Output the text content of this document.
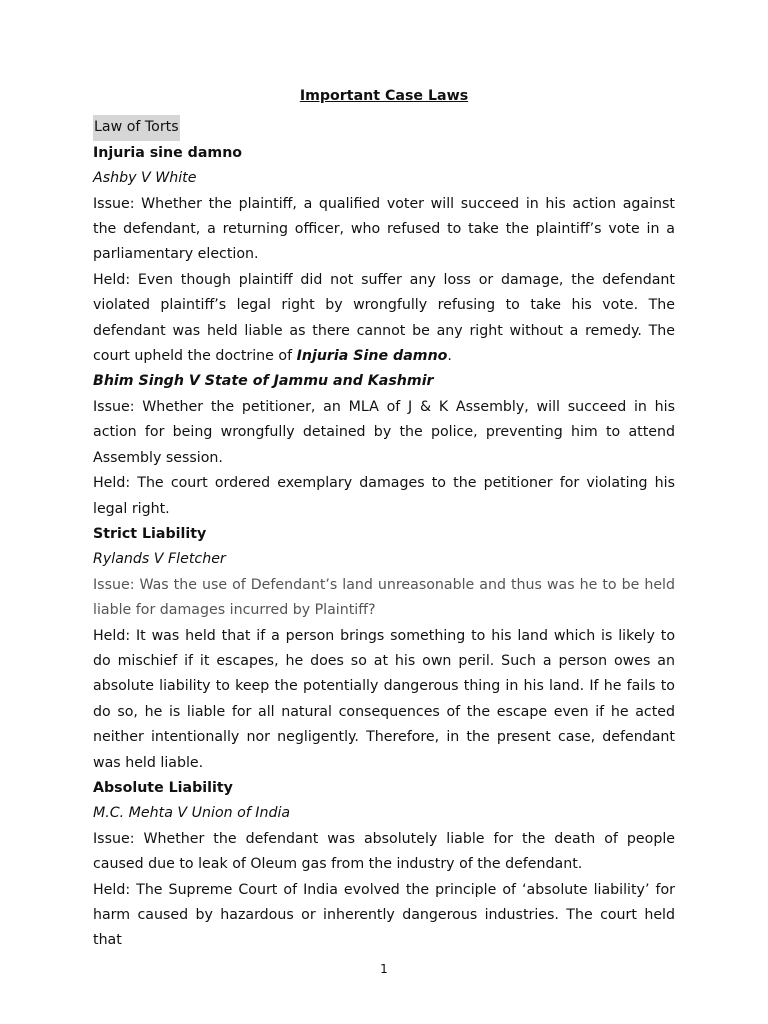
Important Case Laws

Law of Torts

Injuria sine damno

Ashby V White

Issue: Whether the plaintiff, a qualified voter will succeed in his action against the defendant, a returning officer, who refused to take the plaintiff’s vote in a parliamentary election.

Held: Even though plaintiff did not suffer any loss or damage, the defendant violated plaintiff’s legal right by wrongfully refusing to take his vote. The defendant was held liable as there cannot be any right without a remedy. The court upheld the doctrine of Injuria Sine damno.

Bhim Singh V State of Jammu and Kashmir

Issue: Whether the petitioner, an MLA of J & K Assembly, will succeed in his action for being wrongfully detained by the police, preventing him to attend Assembly session.

Held: The court ordered exemplary damages to the petitioner for violating his legal right.

Strict Liability

Rylands V Fletcher

Issue: Was the use of Defendant’s land unreasonable and thus was he to be held liable for damages incurred by Plaintiff?

Held: It was held that if a person brings something to his land which is likely to do mischief if it escapes, he does so at his own peril. Such a person owes an absolute liability to keep the potentially dangerous thing in his land. If he fails to do so, he is liable for all natural consequences of the escape even if he acted neither intentionally nor negligently. Therefore, in the present case, defendant was held liable.

Absolute Liability

M.C. Mehta V Union of India

Issue: Whether the defendant was absolutely liable for the death of people caused due to leak of Oleum gas from the industry of the defendant.

Held: The Supreme Court of India evolved the principle of ‘absolute liability’ for harm caused by hazardous or inherently dangerous industries. The court held that

1
